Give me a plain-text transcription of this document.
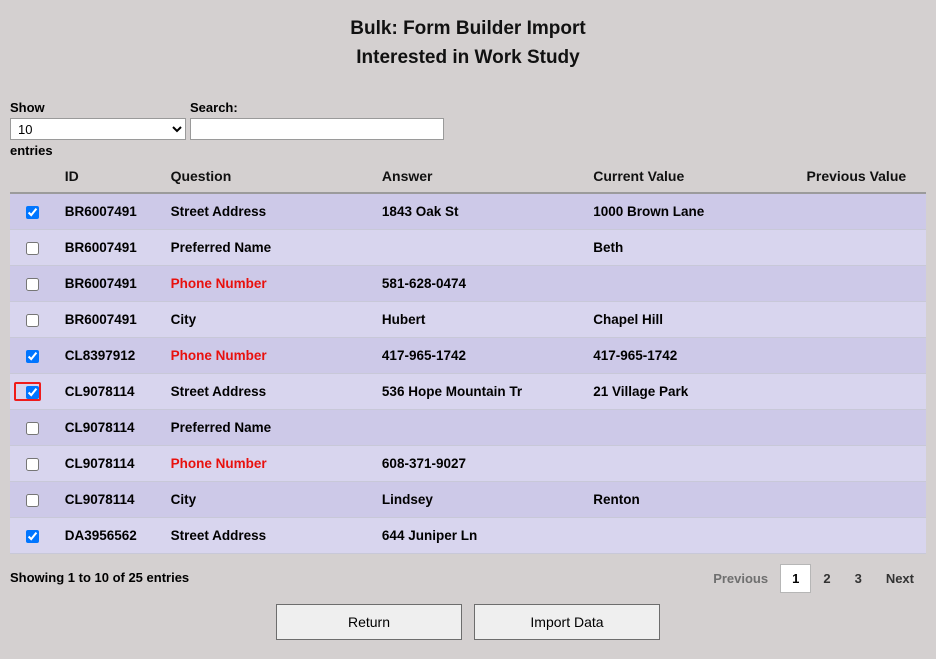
Bulk: Form Builder Import
Interested in Work Study
Show
10
entries
Search:
	ID	Question	Answer	Current Value	Previous Value
	BR6007491	Street Address	1843 Oak St	1000 Brown Lane	
	BR6007491	Preferred Name		Beth	
	BR6007491	Phone Number	581-628-0474		
	BR6007491	City	Hubert	Chapel Hill	
	CL8397912	Phone Number	417-965-1742	417-965-1742	
	CL9078114	Street Address	536 Hope Mountain Tr	21 Village Park	
	CL9078114	Preferred Name			
	CL9078114	Phone Number	608-371-9027		
	CL9078114	City	Lindsey	Renton	
	DA3956562	Street Address	644 Juniper Ln		
Showing 1 to 10 of 25 entries	Previous	1	2	3	Next
Return	Import Data
